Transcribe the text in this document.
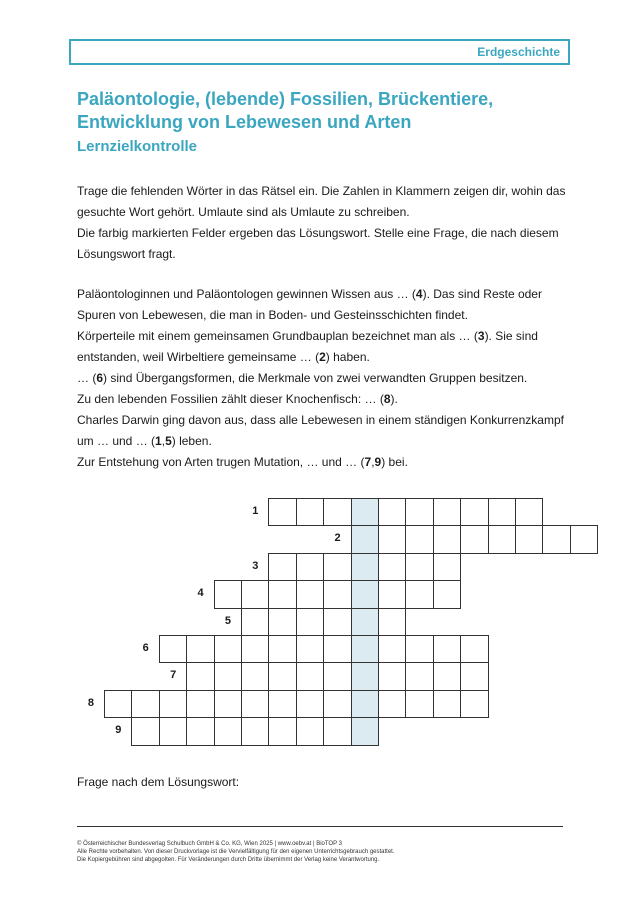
Erdgeschichte
Paläontologie, (lebende) Fossilien, Brückentiere,
Entwicklung von Lebewesen und Arten
Lernzielkontrolle

Trage die fehlenden Wörter in das Rätsel ein. Die Zahlen in Klammern zeigen dir, wohin das

gesuchte Wort gehört. Umlaute sind als Umlaute zu schreiben.

Die farbig markierten Felder ergeben das Lösungswort. Stelle eine Frage, die nach diesem

Lösungswort fragt.

Paläontologinnen und Paläontologen gewinnen Wissen aus … (4). Das sind Reste oder
Spuren von Lebewesen, die man in Boden- und Gesteinsschichten findet.

Körperteile mit einem gemeinsamen Grundbauplan bezeichnet man als … (3). Sie sind
entstanden, weil Wirbeltiere gemeinsame … (2) haben.

… (6) sind Übergangsformen, die Merkmale von zwei verwandten Gruppen besitzen.

Zu den lebenden Fossilien zählt dieser Knochenfisch: … (8).

Charles Darwin ging davon aus, dass alle Lebewesen in einem ständigen Konkurrenzkampf
um … und … (1,5) leben.

Zur Entstehung von Arten trugen Mutation, … und … (7,9) bei.

1
2
3
4
5
6
7
8
9
Frage nach dem Lösungswort:
© Österreichischer Bundesverlag Schulbuch GmbH & Co. KG, Wien 2025 | www.oebv.at | BioTOP 3
Alle Rechte vorbehalten. Von dieser Druckvorlage ist die Vervielfältigung für den eigenen Unterrichtsgebrauch gestattet.
Die Kopiergebühren sind abgegolten. Für Veränderungen durch Dritte übernimmt der Verlag keine Verantwortung.
